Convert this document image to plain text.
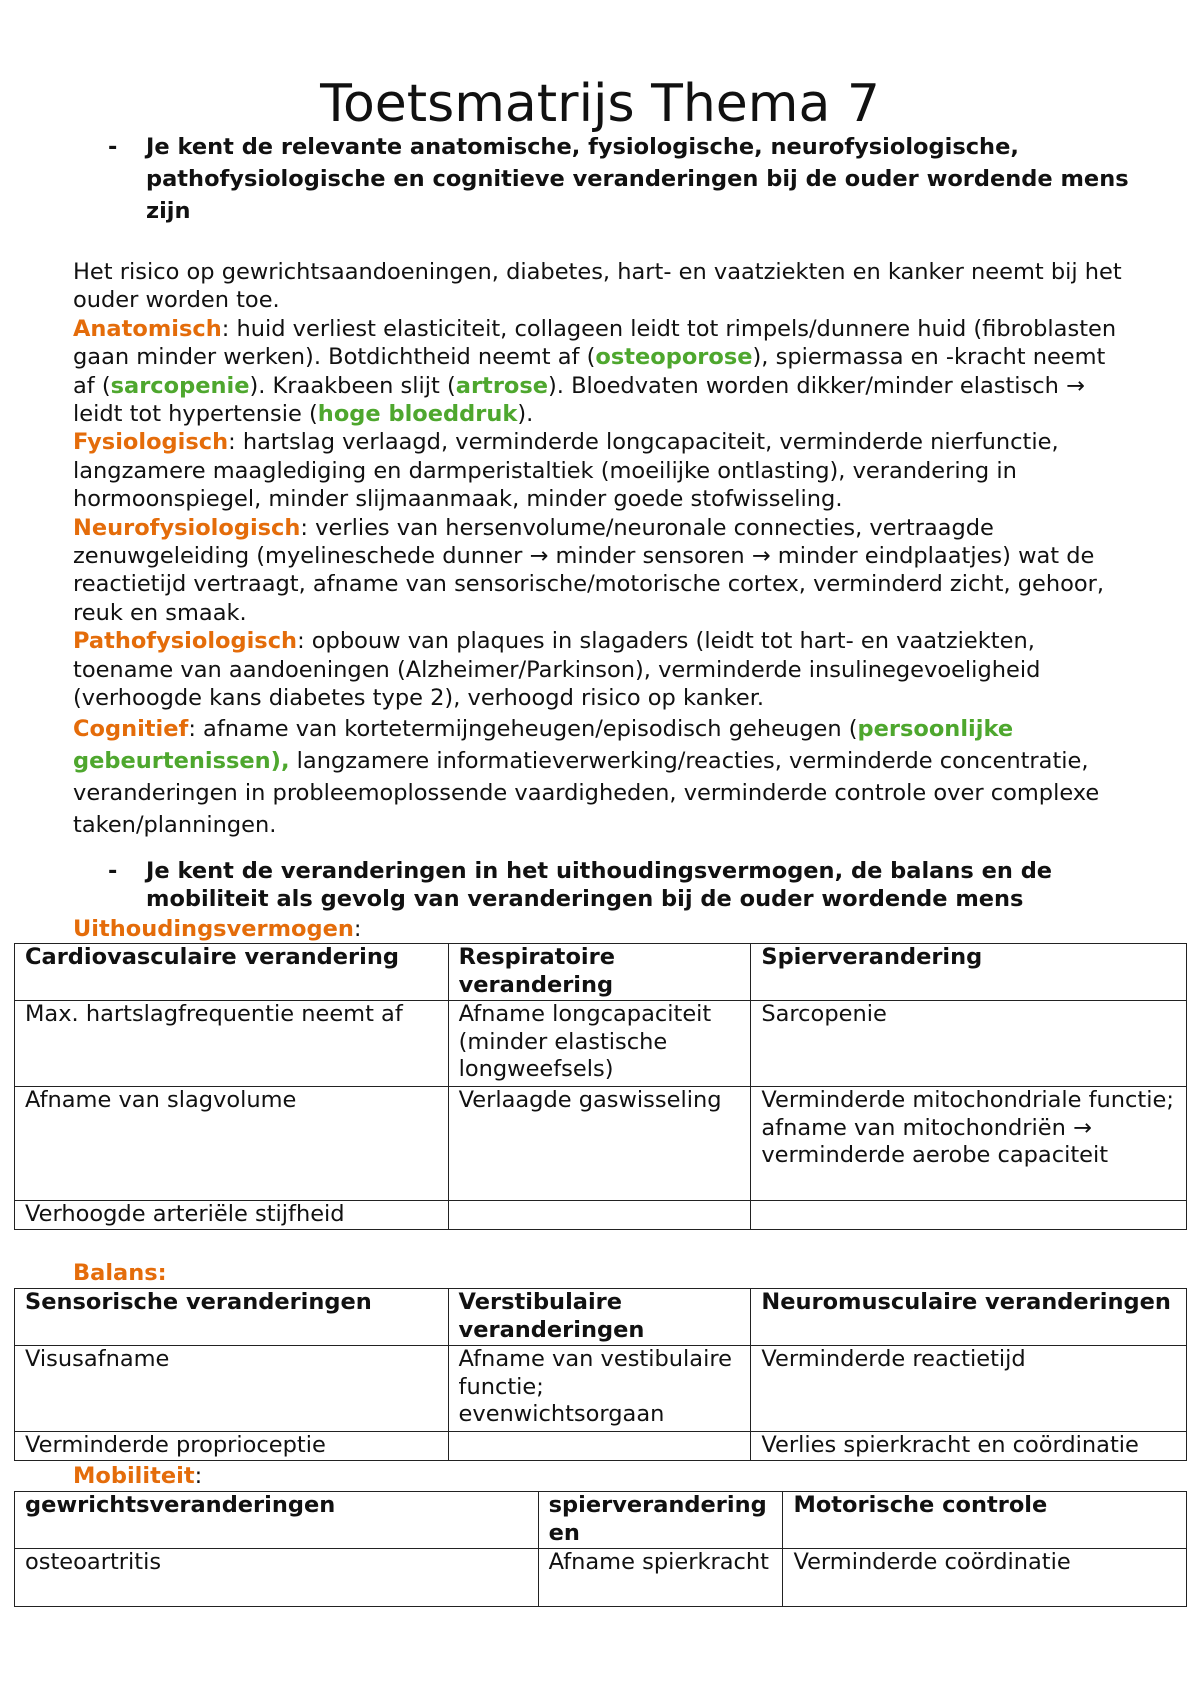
Toetsmatrijs Thema 7
- Je kent de relevante anatomische, fysiologische, neurofysiologische, pathofysiologische en cognitieve veranderingen bij de ouder wordende mens zijn

Het risico op gewrichtsaandoeningen, diabetes, hart- en vaatziekten en kanker neemt bij het ouder worden toe.

Anatomisch: huid verliest elasticiteit, collageen leidt tot rimpels/dunnere huid (fibroblasten gaan minder werken). Botdichtheid neemt af (osteoporose), spiermassa en -kracht neemt af (sarcopenie). Kraakbeen slijt (artrose). Bloedvaten worden dikker/minder elastisch → leidt tot hypertensie (hoge bloeddruk).

Fysiologisch: hartslag verlaagd, verminderde longcapaciteit, verminderde nierfunctie, langzamere maaglediging en darmperistaltiek (moeilijke ontlasting), verandering in hormoonspiegel, minder slijmaanmaak, minder goede stofwisseling.

Neurofysiologisch: verlies van hersenvolume/neuronale connecties, vertraagde zenuwgeleiding (myelineschede dunner → minder sensoren → minder eindplaatjes) wat de reactietijd vertraagt, afname van sensorische/motorische cortex, verminderd zicht, gehoor, reuk en smaak.

Pathofysiologisch: opbouw van plaques in slagaders (leidt tot hart- en vaatziekten, toename van aandoeningen (Alzheimer/Parkinson), verminderde insulinegevoeligheid (verhoogde kans diabetes type 2), verhoogd risico op kanker.

Cognitief: afname van kortetermijngeheugen/episodisch geheugen (persoonlijke gebeurtenissen), langzamere informatieverwerking/reacties, verminderde concentratie, veranderingen in probleemoplossende vaardigheden, verminderde controle over complexe taken/planningen.

- Je kent de veranderingen in het uithoudingsvermogen, de balans en de mobiliteit als gevolg van veranderingen bij de ouder wordende mens
Uithoudingsvermogen:
Cardiovasculaire verandering	Respiratoire verandering	Spierverandering
Max. hartslagfrequentie neemt af	Afname longcapaciteit (minder elastische longweefsels)	Sarcopenie
Afname van slagvolume	Verlaagde gaswisseling	Verminderde mitochondriale functie; afname van mitochondriën → verminderde aerobe capaciteit
Verhoogde arteriële stijfheid		
Balans:
Sensorische veranderingen	Verstibulaire veranderingen	Neuromusculaire veranderingen
Visusafname	Afname van vestibulaire functie; evenwichtsorgaan	Verminderde reactietijd
Verminderde proprioceptie		Verlies spierkracht en coördinatie
Mobiliteit:
gewrichtsveranderingen	spierveranderingen	Motorische controle
osteoartritis	Afname spierkracht	Verminderde coördinatie
